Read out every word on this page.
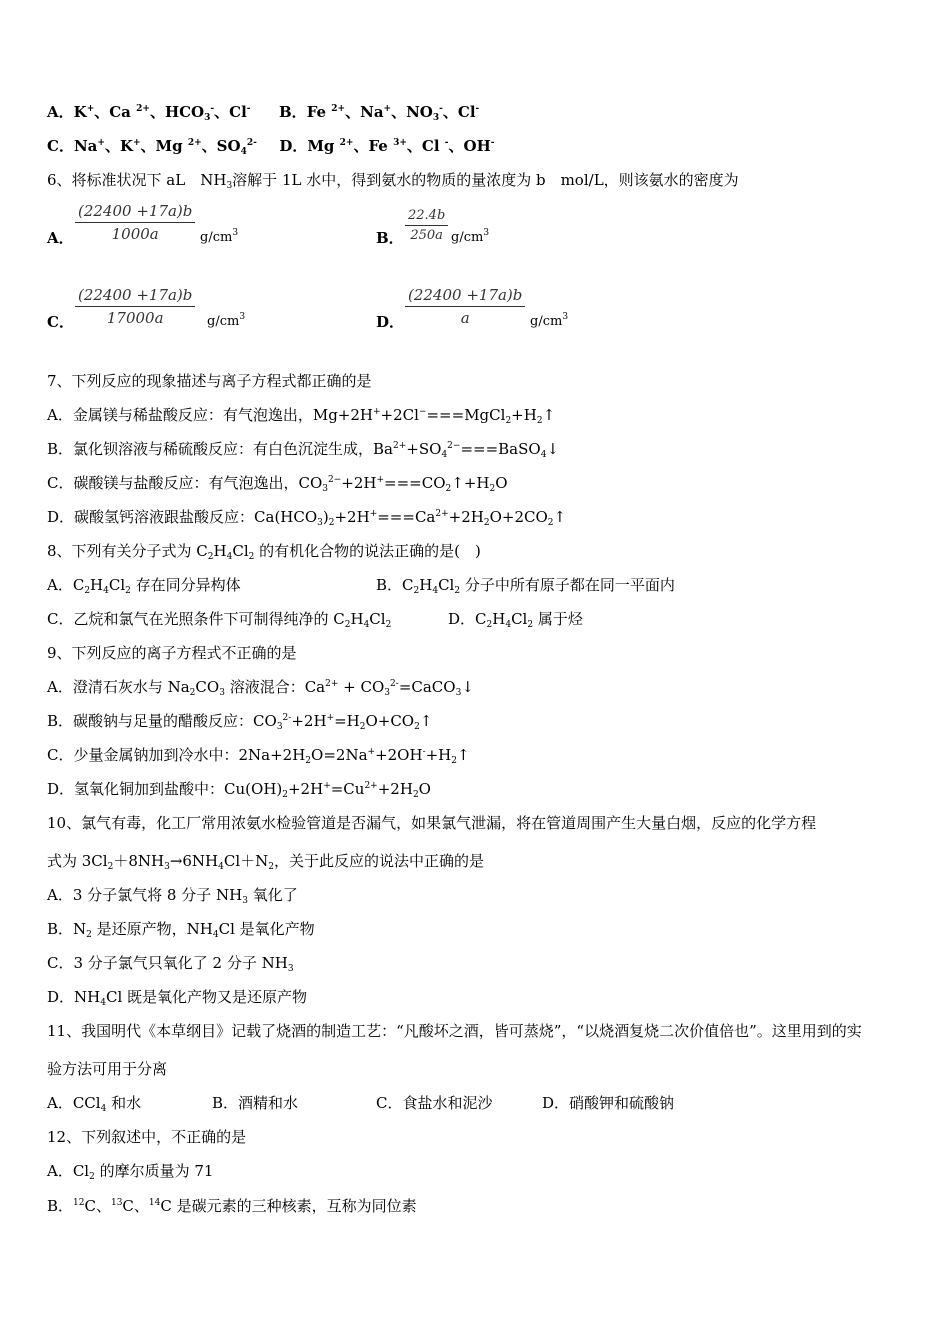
A．K+、Ca $^{2+}$、$HCO_3^-$、Cl- B．Fe $^{2+}$、Na+、$NO_3^-$、Cl-
C．Na+、K+、Mg $^{2+}$、$SO_4^{2-}$ D．Mg $^{2+}$、Fe $^{3+}$、Cl -、OH-
6、将标准状况下 aL　$NH_3$溶解于 1L 水中，得到氨水的物质的量浓度为 b　mol/L，则该氨水的密度为
A． $\frac{(22400 +17a)b}{1000a} g/cm^3$	B． $\frac{22.4b}{250a} g/cm^3$
C． $\frac{(22400 +17a)b}{17000a} g/cm^3$	D． $\frac{(22400 +17a)b}{a} g/cm^3$
7、下列反应的现象描述与离子方程式都正确的是
A．金属镁与稀盐酸反应：有气泡逸出，$Mg+2H^++2Cl^-===MgCl_2+H_2↑$
B．氯化钡溶液与稀硫酸反应：有白色沉淀生成，$Ba^{2+}+SO_4^{2-}===BaSO_4↓$
C．碳酸镁与盐酸反应：有气泡逸出，$CO_3^{2-}+2H^+===CO_2↑+H_2O$
D．碳酸氢钙溶液跟盐酸反应：$Ca(HCO_3)_2+2H^+===Ca^{2+}+2H_2O+2CO_2↑$
8、下列有关分子式为 $C_2H_4Cl_2$ 的有机化合物的说法正确的是(　)
A．$C_2H_4Cl_2$ 存在同分异构体	B．$C_2H_4Cl_2$ 分子中所有原子都在同一平面内
C．乙烷和氯气在光照条件下可制得纯净的 $C_2H_4Cl_2$	D．$C_2H_4Cl_2$ 属于烃
9、下列反应的离子方程式不正确的是
A．澄清石灰水与 $Na_2CO_3$ 溶液混合：$Ca^{2+}$ + $CO_3^{2-}=CaCO_3↓$
B．碳酸钠与足量的醋酸反应：$CO_3^{2-}+2H^+=H_2O+CO_2↑$
C．少量金属钠加到冷水中：$2Na+2H_2O=2Na^++2OH^-+H_2↑$
D．氢氧化铜加到盐酸中：$Cu(OH)_2+2H^+=Cu^{2+}+2H_2O$
10、氯气有毒，化工厂常用浓氨水检验管道是否漏气，如果氯气泄漏，将在管道周围产生大量白烟，反应的化学方程
式为 $3Cl_2+8NH_3\to 6NH_4Cl+N_2$，关于此反应的说法中正确的是
A．3 分子氯气将 8 分子 $NH_3$ 氧化了
B．$N_2$ 是还原产物，$NH_4Cl$ 是氧化产物
C．3 分子氯气只氧化了 2 分子 $NH_3$
D．$NH_4Cl$ 既是氧化产物又是还原产物
11、我国明代《本草纲目》记载了烧酒的制造工艺：“凡酸坏之酒，皆可蒸烧”，“以烧酒复烧二次价值倍也”。这里用到的实
验方法可用于分离
A．CCl$_4$ 和水	B．酒精和水	C．食盐水和泥沙	D．硝酸钾和硫酸钠
12、下列叙述中，不正确的是
A．$Cl_2$ 的摩尔质量为 71
B．$^{12}$C、$^{13}$C、$^{14}$C 是碳元素的三种核素，互称为同位素
